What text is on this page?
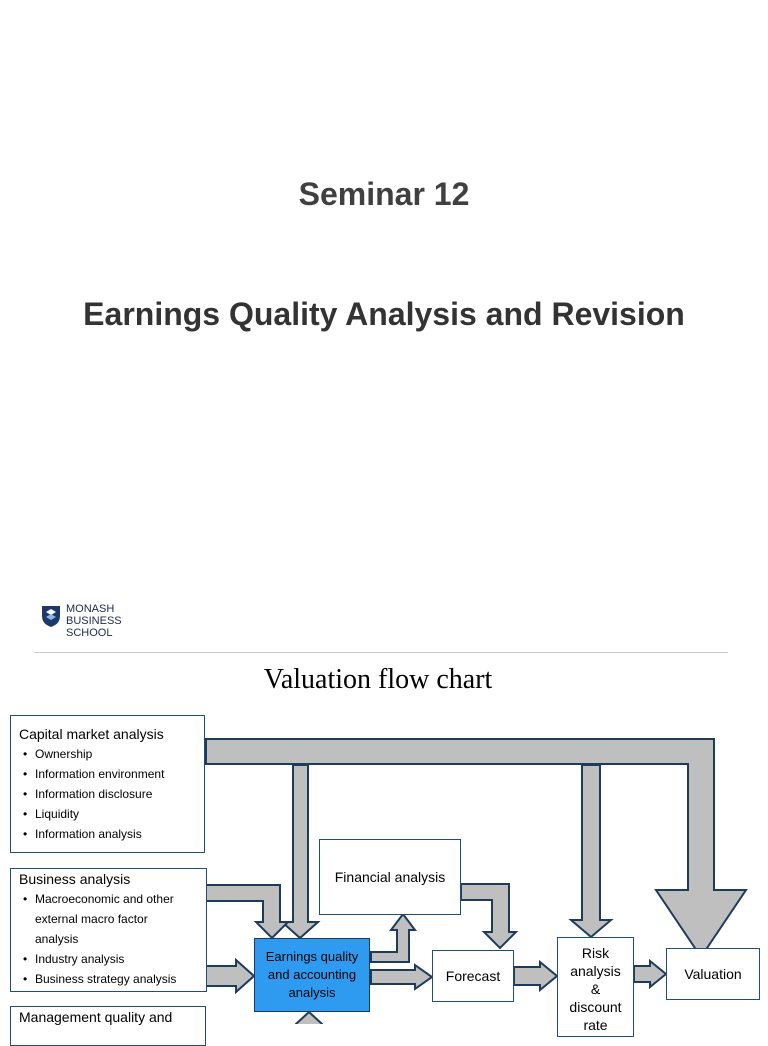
Seminar 12
Earnings Quality Analysis and Revision
MONASH
BUSINESS
SCHOOL
Valuation flow chart
Capital market analysis
• Ownership
• Information environment
• Information disclosure
• Liquidity
• Information analysis
Business analysis
• Macroeconomic and other external macro factor analysis
• Industry analysis
• Business strategy analysis
Management quality and
Financial analysis
Earnings quality and accounting analysis
Forecast
Risk analysis & discount rate
Valuation
